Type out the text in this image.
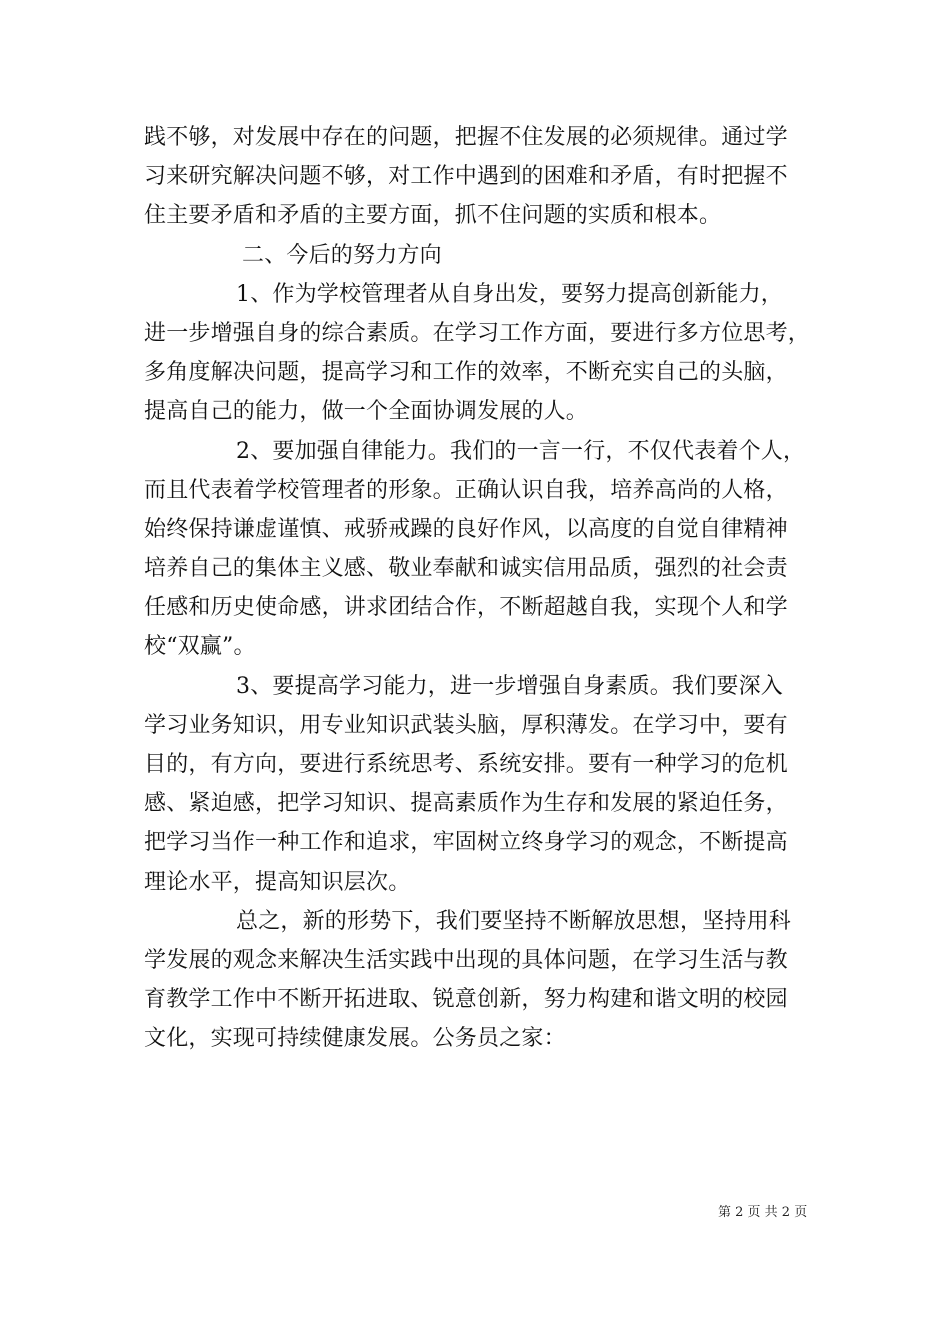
践不够，对发展中存在的问题，把握不住发展的必须规律。通过学
习来研究解决问题不够，对工作中遇到的困难和矛盾，有时把握不
住主要矛盾和矛盾的主要方面，抓不住问题的实质和根本。
二、今后的努力方向
1、作为学校管理者从自身出发，要努力提高创新能力，
进一步增强自身的综合素质。在学习工作方面，要进行多方位思考，
多角度解决问题，提高学习和工作的效率，不断充实自己的头脑，
提高自己的能力，做一个全面协调发展的人。
2、要加强自律能力。我们的一言一行，不仅代表着个人，
而且代表着学校管理者的形象。正确认识自我，培养高尚的人格，
始终保持谦虚谨慎、戒骄戒躁的良好作风，以高度的自觉自律精神
培养自己的集体主义感、敬业奉献和诚实信用品质，强烈的社会责
任感和历史使命感，讲求团结合作，不断超越自我，实现个人和学
校“双赢”。
3、要提高学习能力，进一步增强自身素质。我们要深入
学习业务知识，用专业知识武装头脑，厚积薄发。在学习中，要有
目的，有方向，要进行系统思考、系统安排。要有一种学习的危机
感、紧迫感，把学习知识、提高素质作为生存和发展的紧迫任务，
把学习当作一种工作和追求，牢固树立终身学习的观念，不断提高
理论水平，提高知识层次。
总之，新的形势下，我们要坚持不断解放思想，坚持用科
学发展的观念来解决生活实践中出现的具体问题，在学习生活与教
育教学工作中不断开拓进取、锐意创新，努力构建和谐文明的校园
文化，实现可持续健康发展。公务员之家：
第 2 页 共 2 页
